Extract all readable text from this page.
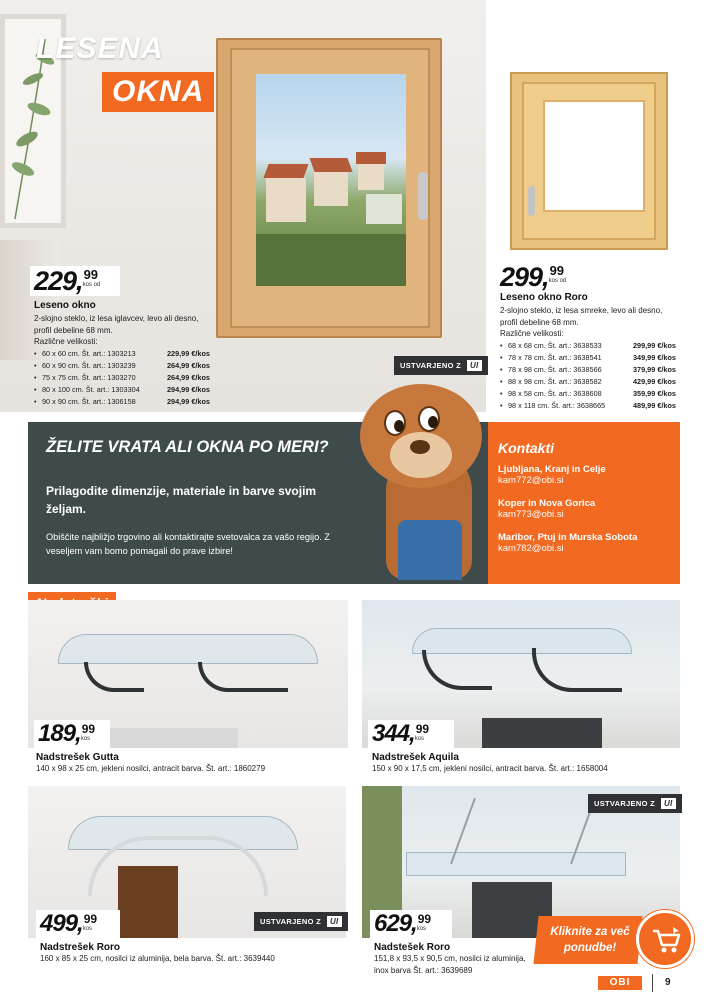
LESENA
OKNA
229, 99
kos od
Leseno okno
2-slojno steklo, iz lesa iglavcev, levo ali desno, profil debeline 68 mm.
Različne velikosti:
• 60 x 60 cm. Št. art.: 1303213	229,99 €/kos
• 60 x 90 cm. Št. art.: 1303239	264,99 €/kos
• 75 x 75 cm. Št. art.: 1303270	264,99 €/kos
• 80 x 100 cm. Št. art.: 1303304	294,99 €/kos
• 90 x 90 cm. Št. art.: 1306158	294,99 €/kos
USTVARJENO Z	UI
299, 99
kos od
Leseno okno Roro
2-slojno steklo, iz lesa smreke, levo ali desno, profil debeline 68 mm.
Različne velikosti:
• 68 x 68 cm. Št. art.: 3638533	299,99 €/kos
• 78 x 78 cm. Št. art.: 3638541	349,99 €/kos
• 78 x 98 cm. Št. art.: 3638566	379,99 €/kos
• 88 x 98 cm. Št. art.: 3638582	429,99 €/kos
• 98 x 58 cm. Št. art.: 3638608	359,99 €/kos
• 98 x 118 cm. Št. art.: 3638665	489,99 €/kos
ŽELITE VRATA ALI OKNA PO MERI?
Prilagodite dimenzije, materiale in barve svojim željam.
Obiščite najbližjo trgovino ali kontaktirajte svetovalca za vašo regijo. Z veseljem vam bomo pomagali do prave izbire!
Kontakti
Ljubljana, Kranj in Celje
kam772@obi.si
Koper in Nova Gorica
kam773@obi.si
Maribor, Ptuj in Murska Sobota
kam782@obi.si
189, 99
kos
Nadstrešek Gutta
140 x 98 x 25 cm, jekleni nosilci, antracit barva. Št. art.: 1860279
344, 99
kos
Nadstrešek Aquila
150 x 90 x 17,5 cm, jekleni nosilci, antracit barva. Št. art.: 1658004
USTVARJENO Z	UI
USTVARJENO Z	UI
499, 99
kos
Nadstrešek Roro
160 x 85 x 25 cm, nosilci iz aluminija, bela barva. Št. art.: 3639440
629, 99
kos
Nadstešek Roro
151,8 x 93,5 x 90,5 cm, nosilci iz aluminija, inox barva Št. art.: 3639689
Kliknite za več ponudbe!
OBI	9
